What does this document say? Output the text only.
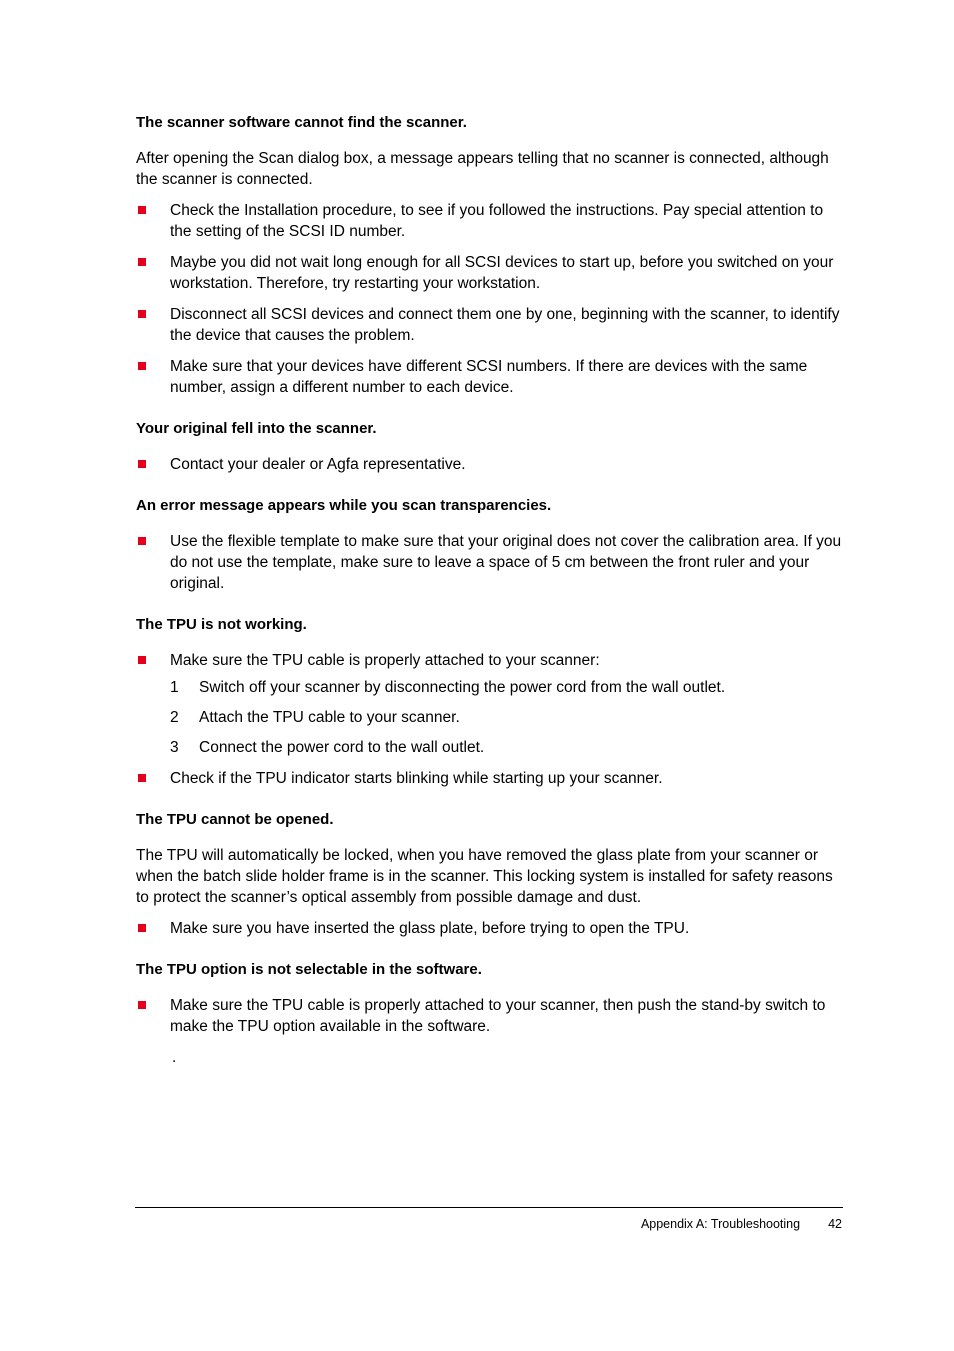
The scanner software cannot find the scanner.

After opening the Scan dialog box, a message appears telling that no scanner is connected, although the scanner is connected.

Check the Installation procedure, to see if you followed the instructions. Pay special attention to the setting of the SCSI ID number.
Maybe you did not wait long enough for all SCSI devices to start up, before you switched on your workstation. Therefore, try restarting your workstation.
Disconnect all SCSI devices and connect them one by one, beginning with the scanner, to identify the device that causes the problem.
Make sure that your devices have different SCSI numbers. If there are devices with the same number, assign a different number to each device.

Your original fell into the scanner.

Contact your dealer or Agfa representative.

An error message appears while you scan transparencies.

Use the flexible template to make sure that your original does not cover the calibration area. If you do not use the template, make sure to leave a space of 5 cm between the front ruler and your original.

The TPU is not working.

Make sure the TPU cable is properly attached to your scanner:
1 Switch off your scanner by disconnecting the power cord from the wall outlet.
2 Attach the TPU cable to your scanner.
3 Connect the power cord to the wall outlet.
Check if the TPU indicator starts blinking while starting up your scanner.

The TPU cannot be opened.

The TPU will automatically be locked, when you have removed the glass plate from your scanner or when the batch slide holder frame is in the scanner. This locking system is installed for safety reasons to protect the scanner’s optical assembly from possible damage and dust.

Make sure you have inserted the glass plate, before trying to open the TPU.

The TPU option is not selectable in the software.

Make sure the TPU cable is properly attached to your scanner, then push the stand-by switch to make the TPU option available in the software.

.

Appendix A: Troubleshooting 42
